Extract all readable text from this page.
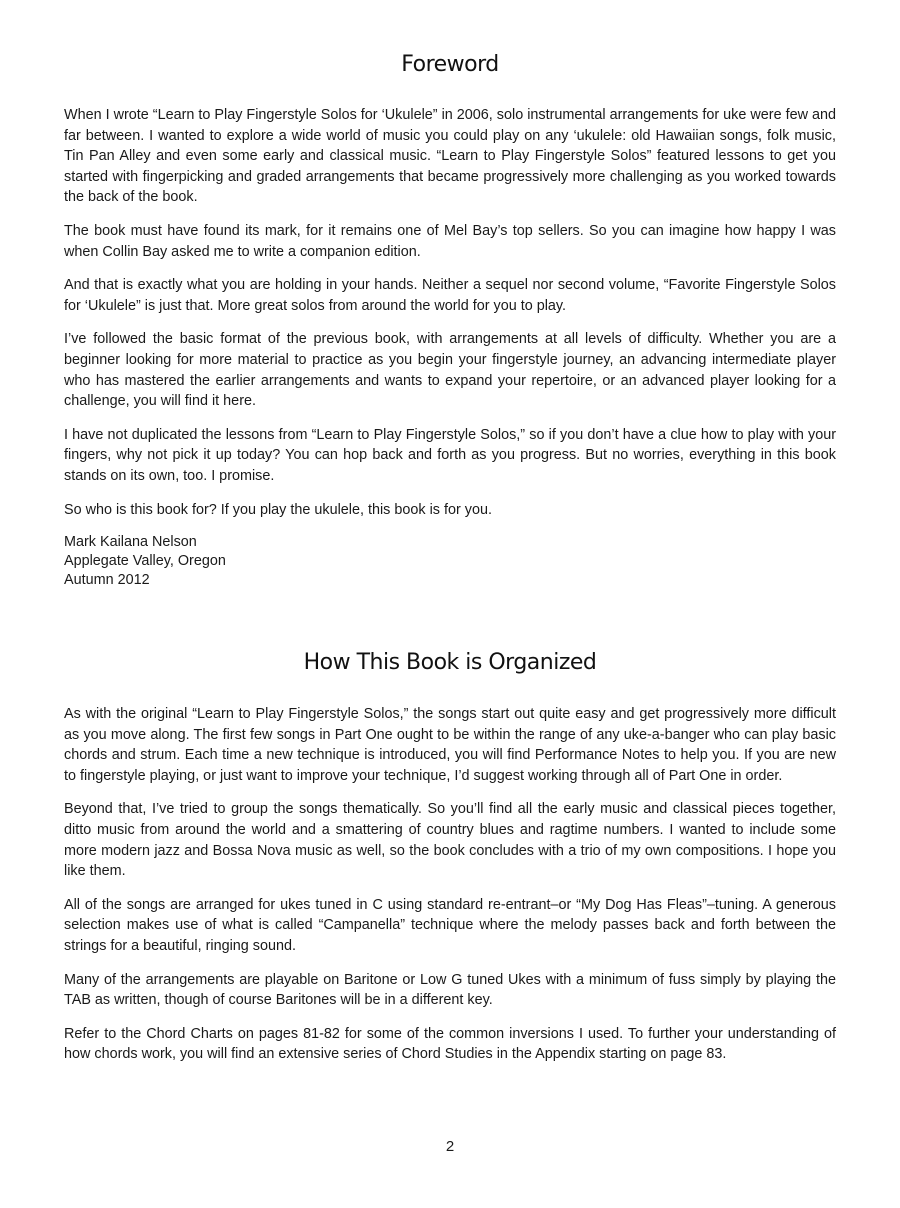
Foreword

When I wrote “Learn to Play Fingerstyle Solos for ‘Ukulele” in 2006, solo instrumental arrangements for uke were few and far between. I wanted to explore a wide world of music you could play on any ‘ukulele: old Hawaiian songs, folk music, Tin Pan Alley and even some early and classical music. “Learn to Play Fingerstyle Solos” featured lessons to get you started with fingerpicking and graded arrangements that became progressively more challenging as you worked towards the back of the book.

The book must have found its mark, for it remains one of Mel Bay’s top sellers. So you can imagine how happy I was when Collin Bay asked me to write a companion edition.

And that is exactly what you are holding in your hands. Neither a sequel nor second volume, “Favorite Fingerstyle Solos for ‘Ukulele” is just that. More great solos from around the world for you to play.

I’ve followed the basic format of the previous book, with arrangements at all levels of difficulty. Whether you are a beginner looking for more material to practice as you begin your fingerstyle journey, an advancing intermediate player who has mastered the earlier arrangements and wants to expand your repertoire, or an advanced player looking for a challenge, you will find it here.

I have not duplicated the lessons from “Learn to Play Fingerstyle Solos,” so if you don’t have a clue how to play with your fingers, why not pick it up today? You can hop back and forth as you progress. But no worries, everything in this book stands on its own, too. I promise.

So who is this book for? If you play the ukulele, this book is for you.

Mark Kailana Nelson
Applegate Valley, Oregon
Autumn 2012
How This Book is Organized

As with the original “Learn to Play Fingerstyle Solos,” the songs start out quite easy and get progressively more difficult as you move along. The first few songs in Part One ought to be within the range of any uke-a-banger who can play basic chords and strum. Each time a new technique is introduced, you will find Performance Notes to help you. If you are new to fingerstyle playing, or just want to improve your technique, I’d suggest working through all of Part One in order.

Beyond that, I’ve tried to group the songs thematically. So you’ll find all the early music and classical pieces together, ditto music from around the world and a smattering of country blues and ragtime numbers. I wanted to include some more modern jazz and Bossa Nova music as well, so the book concludes with a trio of my own compositions. I hope you like them.

All of the songs are arranged for ukes tuned in C using standard re-entrant–or “My Dog Has Fleas”–tuning. A generous selection makes use of what is called “Campanella” technique where the melody passes back and forth between the strings for a beautiful, ringing sound.

Many of the arrangements are playable on Baritone or Low G tuned Ukes with a minimum of fuss simply by playing the TAB as written, though of course Baritones will be in a different key.

Refer to the Chord Charts on pages 81-82 for some of the common inversions I used. To further your understanding of how chords work, you will find an extensive series of Chord Studies in the Appendix starting on page 83.

2
